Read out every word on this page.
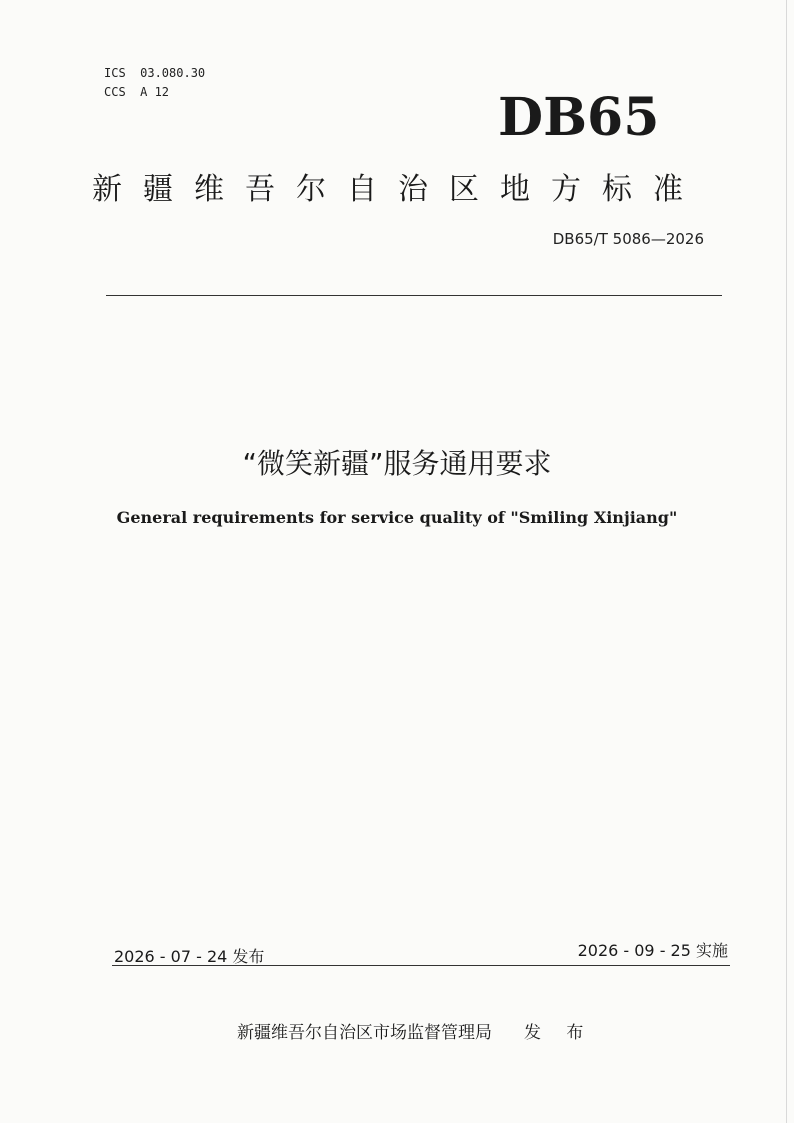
ICS  03.080.30
CCS  A 12	DB65
新疆维吾尔自治区地方标准
DB65/T 5086—2026
“微笑新疆”服务通用要求
General requirements for service quality of "Smiling Xinjiang"
2026 - 07 - 24 发布	2026 - 09 - 25 实施
新疆维吾尔自治区市场监督管理局 发 布
